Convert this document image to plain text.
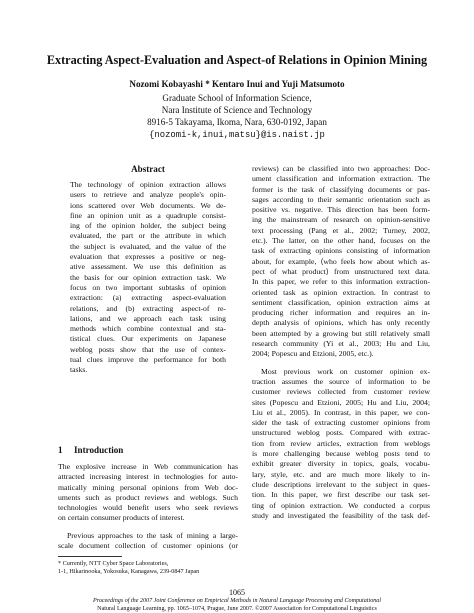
Extracting Aspect-Evaluation and Aspect-of Relations in Opinion Mining
Nozomi Kobayashi * Kentaro Inui and Yuji Matsumoto
Graduate School of Information Science,
Nara Institute of Science and Technology
8916-5 Takayama, Ikoma, Nara, 630-0192, Japan
{nozomi-k,inui,matsu}@is.naist.jp
Abstract
The technology of opinion extraction allows
users to retrieve and analyze people's opin-
ions scattered over Web documents. We de-
fine an opinion unit as a quadruple consist-
ing of the opinion holder, the subject being
evaluated, the part or the attribute in which
the subject is evaluated, and the value of the
evaluation that expresses a positive or neg-
ative assessment. We use this definition as
the basis for our opinion extraction task. We
focus on two important subtasks of opinion
extraction: (a) extracting aspect-evaluation
relations, and (b) extracting aspect-of re-
lations, and we approach each task using
methods which combine contextual and sta-
tistical clues. Our experiments on Japanese
weblog posts show that the use of contex-
tual clues improve the performance for both
tasks.
1 Introduction
The explosive increase in Web communication has
attracted increasing interest in technologies for auto-
matically mining personal opinions from Web doc-
uments such as product reviews and weblogs. Such
technologies would benefit users who seek reviews
on certain consumer products of interest.
Previous approaches to the task of mining a large-
scale document collection of customer opinions (or
* Currently, NTT Cyber Space Laboratories,
1-1, Hikarinooka, Yokosuka, Kanagawa, 239-0847 Japan
reviews) can be classified into two approaches: Doc-
ument classification and information extraction. The
former is the task of classifying documents or pas-
sages according to their semantic orientation such as
positive vs. negative. This direction has been form-
ing the mainstream of research on opinion-sensitive
text processing (Pang et al., 2002; Turney, 2002,
etc.). The latter, on the other hand, focuses on the
task of extracting opinions consisting of information
about, for example, ⟨who feels how about which as-
pect of what product⟩ from unstructured text data.
In this paper, we refer to this information extraction-
oriented task as opinion extraction. In contrast to
sentiment classification, opinion extraction aims at
producing richer information and requires an in-
depth analysis of opinions, which has only recently
been attempted by a growing but still relatively small
research community (Yi et al., 2003; Hu and Liu,
2004; Popescu and Etzioni, 2005, etc.).
Most previous work on customer opinion ex-
traction assumes the source of information to be
customer reviews collected from customer review
sites (Popescu and Etzioni, 2005; Hu and Liu, 2004;
Liu et al., 2005). In contrast, in this paper, we con-
sider the task of extracting customer opinions from
unstructured weblog posts. Compared with extrac-
tion from review articles, extraction from weblogs
is more challenging because weblog posts tend to
exhibit greater diversity in topics, goals, vocabu-
lary, style, etc. and are much more likely to in-
clude descriptions irrelevant to the subject in ques-
tion. In this paper, we first describe our task set-
ting of opinion extraction. We conducted a corpus
study and investigated the feasibility of the task def-
1065
Proceedings of the 2007 Joint Conference on Empirical Methods in Natural Language Processing and Computational
Natural Language Learning, pp. 1065–1074, Prague, June 2007. ©2007 Association for Computational Linguistics
